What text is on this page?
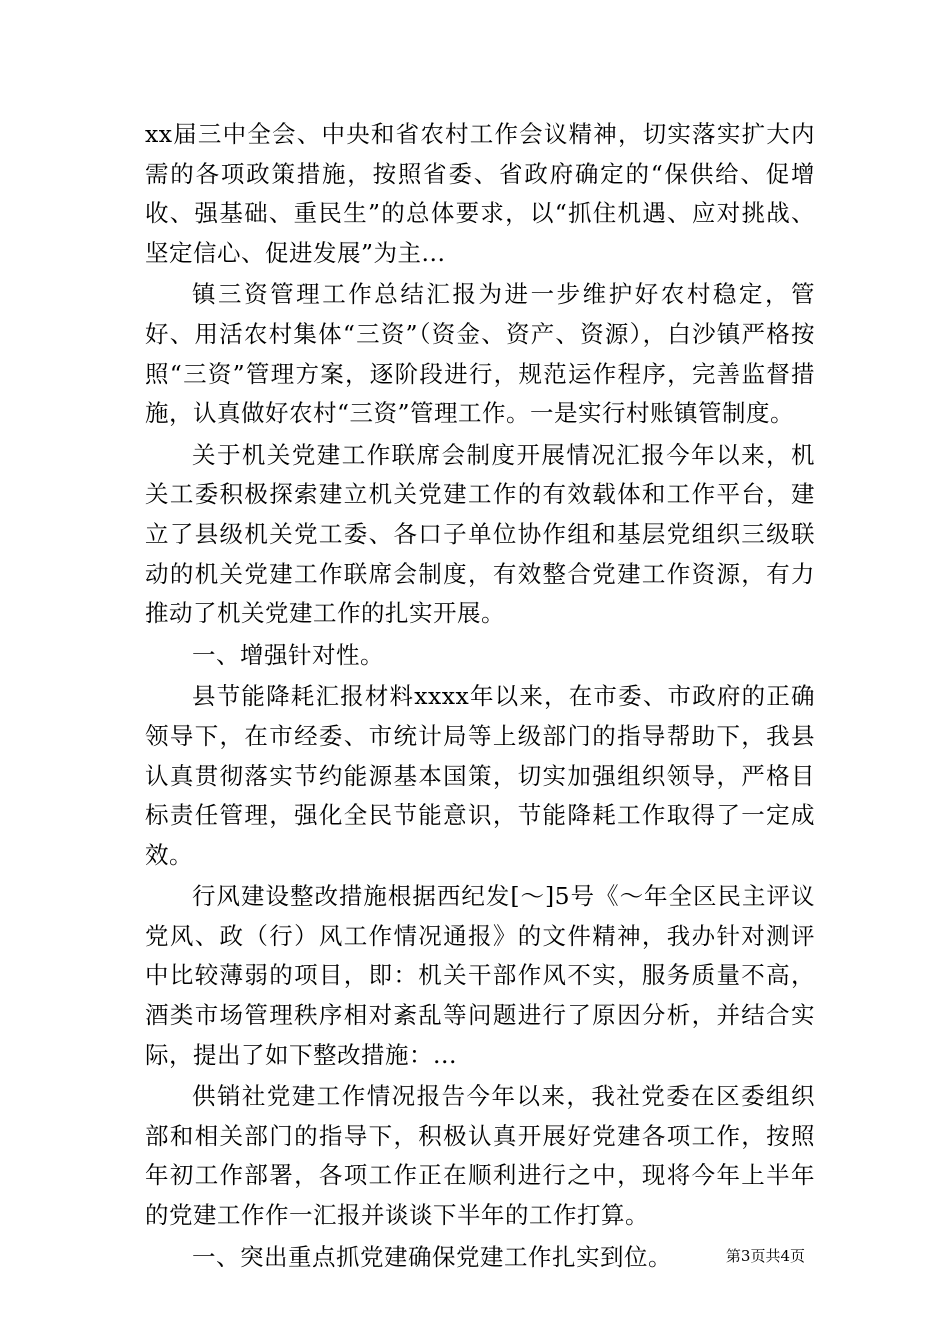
xx届三中全会、中央和省农村工作会议精神，切实落实扩大内需的各项政策措施，按照省委、省政府确定的“保供给、促增收、强基础、重民生”的总体要求，以“抓住机遇、应对挑战、坚定信心、促进发展”为主...

镇三资管理工作总结汇报为进一步维护好农村稳定，管好、用活农村集体“三资”（资金、资产、资源），白沙镇严格按照“三资”管理方案，逐阶段进行，规范运作程序，完善监督措施，认真做好农村“三资”管理工作。一是实行村账镇管制度。

关于机关党建工作联席会制度开展情况汇报今年以来，机关工委积极探索建立机关党建工作的有效载体和工作平台，建立了县级机关党工委、各口子单位协作组和基层党组织三级联动的机关党建工作联席会制度，有效整合党建工作资源，有力推动了机关党建工作的扎实开展。

一、增强针对性。

县节能降耗汇报材料xxxx年以来，在市委、市政府的正确领导下，在市经委、市统计局等上级部门的指导帮助下，我县认真贯彻落实节约能源基本国策，切实加强组织领导，严格目标责任管理，强化全民节能意识，节能降耗工作取得了一定成效。

行风建设整改措施根据西纪发[～]5号《～年全区民主评议党风、政（行）风工作情况通报》的文件精神，我办针对测评中比较薄弱的项目，即：机关干部作风不实，服务质量不高，酒类市场管理秩序相对紊乱等问题进行了原因分析，并结合实际，提出了如下整改措施：...

供销社党建工作情况报告今年以来，我社党委在区委组织部和相关部门的指导下，积极认真开展好党建各项工作，按照年初工作部署，各项工作正在顺利进行之中，现将今年上半年的党建工作作一汇报并谈谈下半年的工作打算。

一、突出重点抓党建确保党建工作扎实到位。	第3页共4页
